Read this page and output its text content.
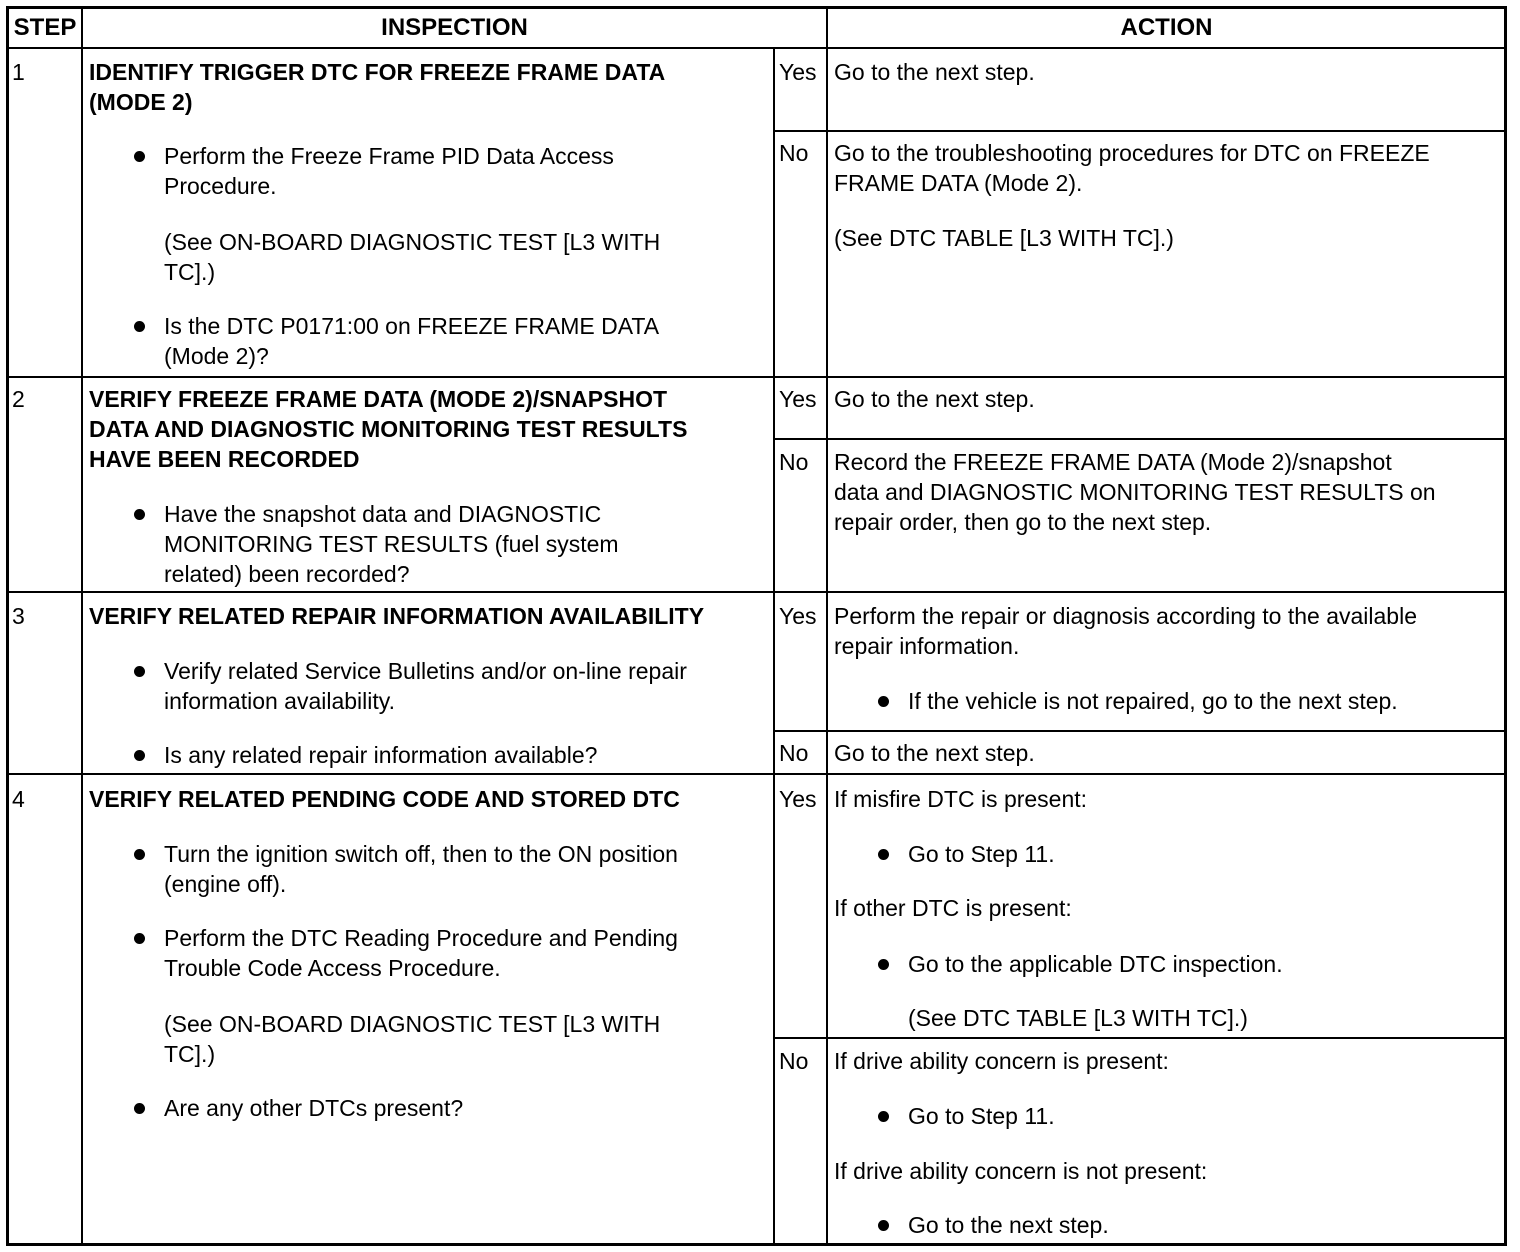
STEP	INSPECTION	ACTION
1	IDENTIFY TRIGGER DTC FOR FREEZE FRAME DATA
(MODE 2)
Perform the Freeze Frame PID Data Access
Procedure.
(See ON-BOARD DIAGNOSTIC TEST [L3 WITH
TC].)
Is the DTC P0171:00 on FREEZE FRAME DATA
(Mode 2)?
Yes Go to the next step.
No Go to the troubleshooting procedures for DTC on FREEZE
FRAME DATA (Mode 2).
(See DTC TABLE [L3 WITH TC].)
2	VERIFY FREEZE FRAME DATA (MODE 2)/SNAPSHOT
DATA AND DIAGNOSTIC MONITORING TEST RESULTS
HAVE BEEN RECORDED
Have the snapshot data and DIAGNOSTIC
MONITORING TEST RESULTS (fuel system
related) been recorded?
Yes Go to the next step.
No Record the FREEZE FRAME DATA (Mode 2)/snapshot
data and DIAGNOSTIC MONITORING TEST RESULTS on
repair order, then go to the next step.
3	VERIFY RELATED REPAIR INFORMATION AVAILABILITY
Verify related Service Bulletins and/or on-line repair
information availability.
Is any related repair information available?
Yes Perform the repair or diagnosis according to the available
repair information.
If the vehicle is not repaired, go to the next step.
No Go to the next step.
4	VERIFY RELATED PENDING CODE AND STORED DTC
Turn the ignition switch off, then to the ON position
(engine off).
Perform the DTC Reading Procedure and Pending
Trouble Code Access Procedure.
(See ON-BOARD DIAGNOSTIC TEST [L3 WITH
TC].)
Are any other DTCs present?
Yes If misfire DTC is present:
Go to Step 11.
If other DTC is present:
Go to the applicable DTC inspection.
(See DTC TABLE [L3 WITH TC].)
No If drive ability concern is present:
Go to Step 11.
If drive ability concern is not present:
Go to the next step.
